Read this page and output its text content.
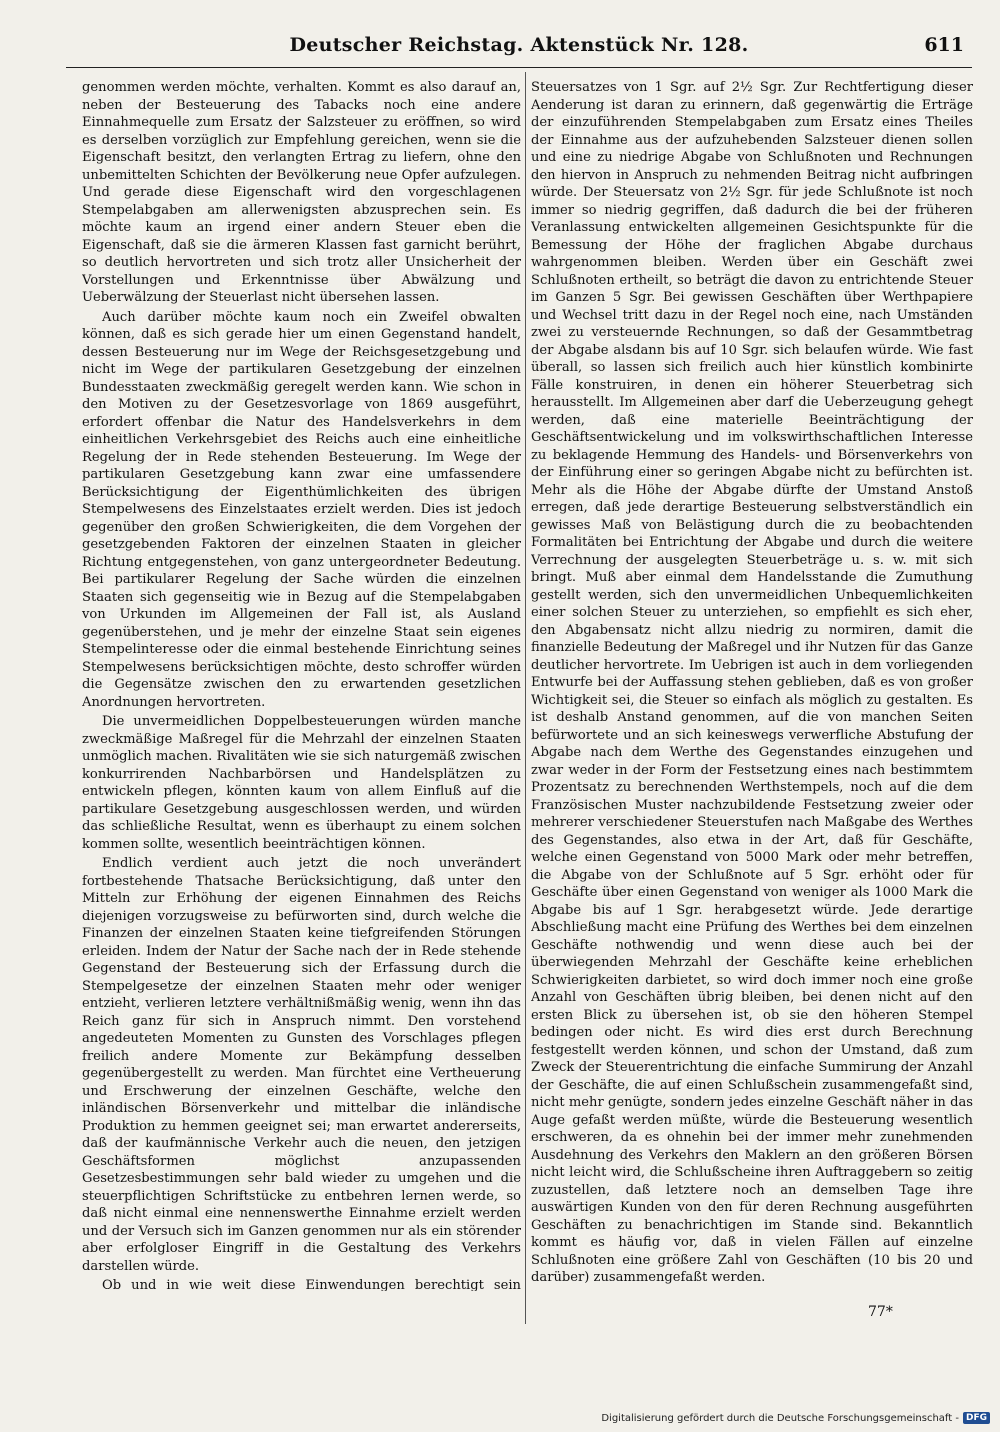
Deutscher Reichstag. Aktenstück Nr. 128.	611

genommen werden möchte, verhalten. Kommt es also darauf an, neben der Besteuerung des Tabacks noch eine andere Einnahmequelle zum Ersatz der Salzsteuer zu eröffnen, so wird es derselben vorzüglich zur Empfehlung gereichen, wenn sie die Eigenschaft besitzt, den verlangten Ertrag zu liefern, ohne den unbemittelten Schichten der Bevölkerung neue Opfer aufzulegen. Und gerade diese Eigenschaft wird den vorgeschlagenen Stempelabgaben am allerwenigsten abzusprechen sein. Es möchte kaum an irgend einer andern Steuer eben die Eigenschaft, daß sie die ärmeren Klassen fast garnicht berührt, so deutlich hervortreten und sich trotz aller Unsicherheit der Vorstellungen und Erkenntnisse über Abwälzung und Ueberwälzung der Steuerlast nicht übersehen lassen.

Auch darüber möchte kaum noch ein Zweifel obwalten können, daß es sich gerade hier um einen Gegenstand handelt, dessen Besteuerung nur im Wege der Reichsgesetzgebung und nicht im Wege der partikularen Gesetzgebung der einzelnen Bundesstaaten zweckmäßig geregelt werden kann. Wie schon in den Motiven zu der Gesetzesvorlage von 1869 ausgeführt, erfordert offenbar die Natur des Handelsverkehrs in dem einheitlichen Verkehrsgebiet des Reichs auch eine einheitliche Regelung der in Rede stehenden Besteuerung. Im Wege der partikularen Gesetzgebung kann zwar eine umfassendere Berücksichtigung der Eigenthümlichkeiten des übrigen Stempelwesens des Einzelstaates erzielt werden. Dies ist jedoch gegenüber den großen Schwierigkeiten, die dem Vorgehen der gesetzgebenden Faktoren der einzelnen Staaten in gleicher Richtung entgegenstehen, von ganz untergeordneter Bedeutung. Bei partikularer Regelung der Sache würden die einzelnen Staaten sich gegenseitig wie in Bezug auf die Stempelabgaben von Urkunden im Allgemeinen der Fall ist, als Ausland gegenüberstehen, und je mehr der einzelne Staat sein eigenes Stempelinteresse oder die einmal bestehende Einrichtung seines Stempelwesens berücksichtigen möchte, desto schroffer würden die Gegensätze zwischen den zu erwartenden gesetzlichen Anordnungen hervortreten.

Die unvermeidlichen Doppelbesteuerungen würden manche zweckmäßige Maßregel für die Mehrzahl der einzelnen Staaten unmöglich machen. Rivalitäten wie sie sich naturgemäß zwischen konkurrirenden Nachbarbörsen und Handelsplätzen zu entwickeln pflegen, könnten kaum von allem Einfluß auf die partikulare Gesetzgebung ausgeschlossen werden, und würden das schließliche Resultat, wenn es überhaupt zu einem solchen kommen sollte, wesentlich beeinträchtigen können.

Endlich verdient auch jetzt die noch unverändert fortbestehende Thatsache Berücksichtigung, daß unter den Mitteln zur Erhöhung der eigenen Einnahmen des Reichs diejenigen vorzugsweise zu befürworten sind, durch welche die Finanzen der einzelnen Staaten keine tiefgreifenden Störungen erleiden. Indem der Natur der Sache nach der in Rede stehende Gegenstand der Besteuerung sich der Erfassung durch die Stempelgesetze der einzelnen Staaten mehr oder weniger entzieht, verlieren letztere verhältnißmäßig wenig, wenn ihn das Reich ganz für sich in Anspruch nimmt. Den vorstehend angedeuteten Momenten zu Gunsten des Vorschlages pflegen freilich andere Momente zur Bekämpfung desselben gegenübergestellt zu werden. Man fürchtet eine Vertheuerung und Erschwerung der einzelnen Geschäfte, welche den inländischen Börsenverkehr und mittelbar die inländische Produktion zu hemmen geeignet sei; man erwartet andererseits, daß der kaufmännische Verkehr auch die neuen, den jetzigen Geschäftsformen möglichst anzupassenden Gesetzesbestimmungen sehr bald wieder zu umgehen und die steuerpflichtigen Schriftstücke zu entbehren lernen werde, so daß nicht einmal eine nennenswerthe Einnahme erzielt werden und der Versuch sich im Ganzen genommen nur als ein störender aber erfolgloser Eingriff in die Gestaltung des Verkehrs darstellen würde.

Ob und in wie weit diese Einwendungen berechtigt sein

Steuersatzes von 1 Sgr. auf 2½ Sgr. Zur Rechtfertigung dieser Aenderung ist daran zu erinnern, daß gegenwärtig die Erträge der einzuführenden Stempelabgaben zum Ersatz eines Theiles der Einnahme aus der aufzuhebenden Salzsteuer dienen sollen und eine zu niedrige Abgabe von Schlußnoten und Rechnungen den hiervon in Anspruch zu nehmenden Beitrag nicht aufbringen würde. Der Steuersatz von 2½ Sgr. für jede Schlußnote ist noch immer so niedrig gegriffen, daß dadurch die bei der früheren Veranlassung entwickelten allgemeinen Gesichtspunkte für die Bemessung der Höhe der fraglichen Abgabe durchaus wahrgenommen bleiben. Werden über ein Geschäft zwei Schlußnoten ertheilt, so beträgt die davon zu entrichtende Steuer im Ganzen 5 Sgr. Bei gewissen Geschäften über Werthpapiere und Wechsel tritt dazu in der Regel noch eine, nach Umständen zwei zu versteuernde Rechnungen, so daß der Gesammtbetrag der Abgabe alsdann bis auf 10 Sgr. sich belaufen würde. Wie fast überall, so lassen sich freilich auch hier künstlich kombinirte Fälle konstruiren, in denen ein höherer Steuerbetrag sich herausstellt. Im Allgemeinen aber darf die Ueberzeugung gehegt werden, daß eine materielle Beeinträchtigung der Geschäftsentwickelung und im volkswirthschaftlichen Interesse zu beklagende Hemmung des Handels- und Börsenverkehrs von der Einführung einer so geringen Abgabe nicht zu befürchten ist. Mehr als die Höhe der Abgabe dürfte der Umstand Anstoß erregen, daß jede derartige Besteuerung selbstverständlich ein gewisses Maß von Belästigung durch die zu beobachtenden Formalitäten bei Entrichtung der Abgabe und durch die weitere Verrechnung der ausgelegten Steuerbeträge u. s. w. mit sich bringt. Muß aber einmal dem Handelsstande die Zumuthung gestellt werden, sich den unvermeidlichen Unbequemlichkeiten einer solchen Steuer zu unterziehen, so empfiehlt es sich eher, den Abgabensatz nicht allzu niedrig zu normiren, damit die finanzielle Bedeutung der Maßregel und ihr Nutzen für das Ganze deutlicher hervortrete. Im Uebrigen ist auch in dem vorliegenden Entwurfe bei der Auffassung stehen geblieben, daß es von großer Wichtigkeit sei, die Steuer so einfach als möglich zu gestalten. Es ist deshalb Anstand genommen, auf die von manchen Seiten befürwortete und an sich keineswegs verwerfliche Abstufung der Abgabe nach dem Werthe des Gegenstandes einzugehen und zwar weder in der Form der Festsetzung eines nach bestimmtem Prozentsatz zu berechnenden Werthstempels, noch auf die dem Französischen Muster nachzubildende Festsetzung zweier oder mehrerer verschiedener Steuerstufen nach Maßgabe des Werthes des Gegenstandes, also etwa in der Art, daß für Geschäfte, welche einen Gegenstand von 5000 Mark oder mehr betreffen, die Abgabe von der Schlußnote auf 5 Sgr. erhöht oder für Geschäfte über einen Gegenstand von weniger als 1000 Mark die Abgabe bis auf 1 Sgr. herabgesetzt würde. Jede derartige Abschließung macht eine Prüfung des Werthes bei dem einzelnen Geschäfte nothwendig und wenn diese auch bei der überwiegenden Mehrzahl der Geschäfte keine erheblichen Schwierigkeiten darbietet, so wird doch immer noch eine große Anzahl von Geschäften übrig bleiben, bei denen nicht auf den ersten Blick zu übersehen ist, ob sie den höheren Stempel bedingen oder nicht. Es wird dies erst durch Berechnung festgestellt werden können, und schon der Umstand, daß zum Zweck der Steuerentrichtung die einfache Summirung der Anzahl der Geschäfte, die auf einen Schlußschein zusammengefaßt sind, nicht mehr genügte, sondern jedes einzelne Geschäft näher in das Auge gefaßt werden müßte, würde die Besteuerung wesentlich erschweren, da es ohnehin bei der immer mehr zunehmenden Ausdehnung des Verkehrs den Maklern an den größeren Börsen nicht leicht wird, die Schlußscheine ihren Auftraggebern so zeitig zuzustellen, daß letztere noch an demselben Tage ihre auswärtigen Kunden von den für deren Rechnung ausgeführten Geschäften zu benachrichtigen im Stande sind. Bekanntlich kommt es häufig vor, daß in vielen Fällen auf einzelne Schlußnoten eine größere Zahl von Geschäften (10 bis 20 und darüber) zusammengefaßt werden.

77*
Digitalisierung gefördert durch die Deutsche Forschungsgemeinschaft - DFG
